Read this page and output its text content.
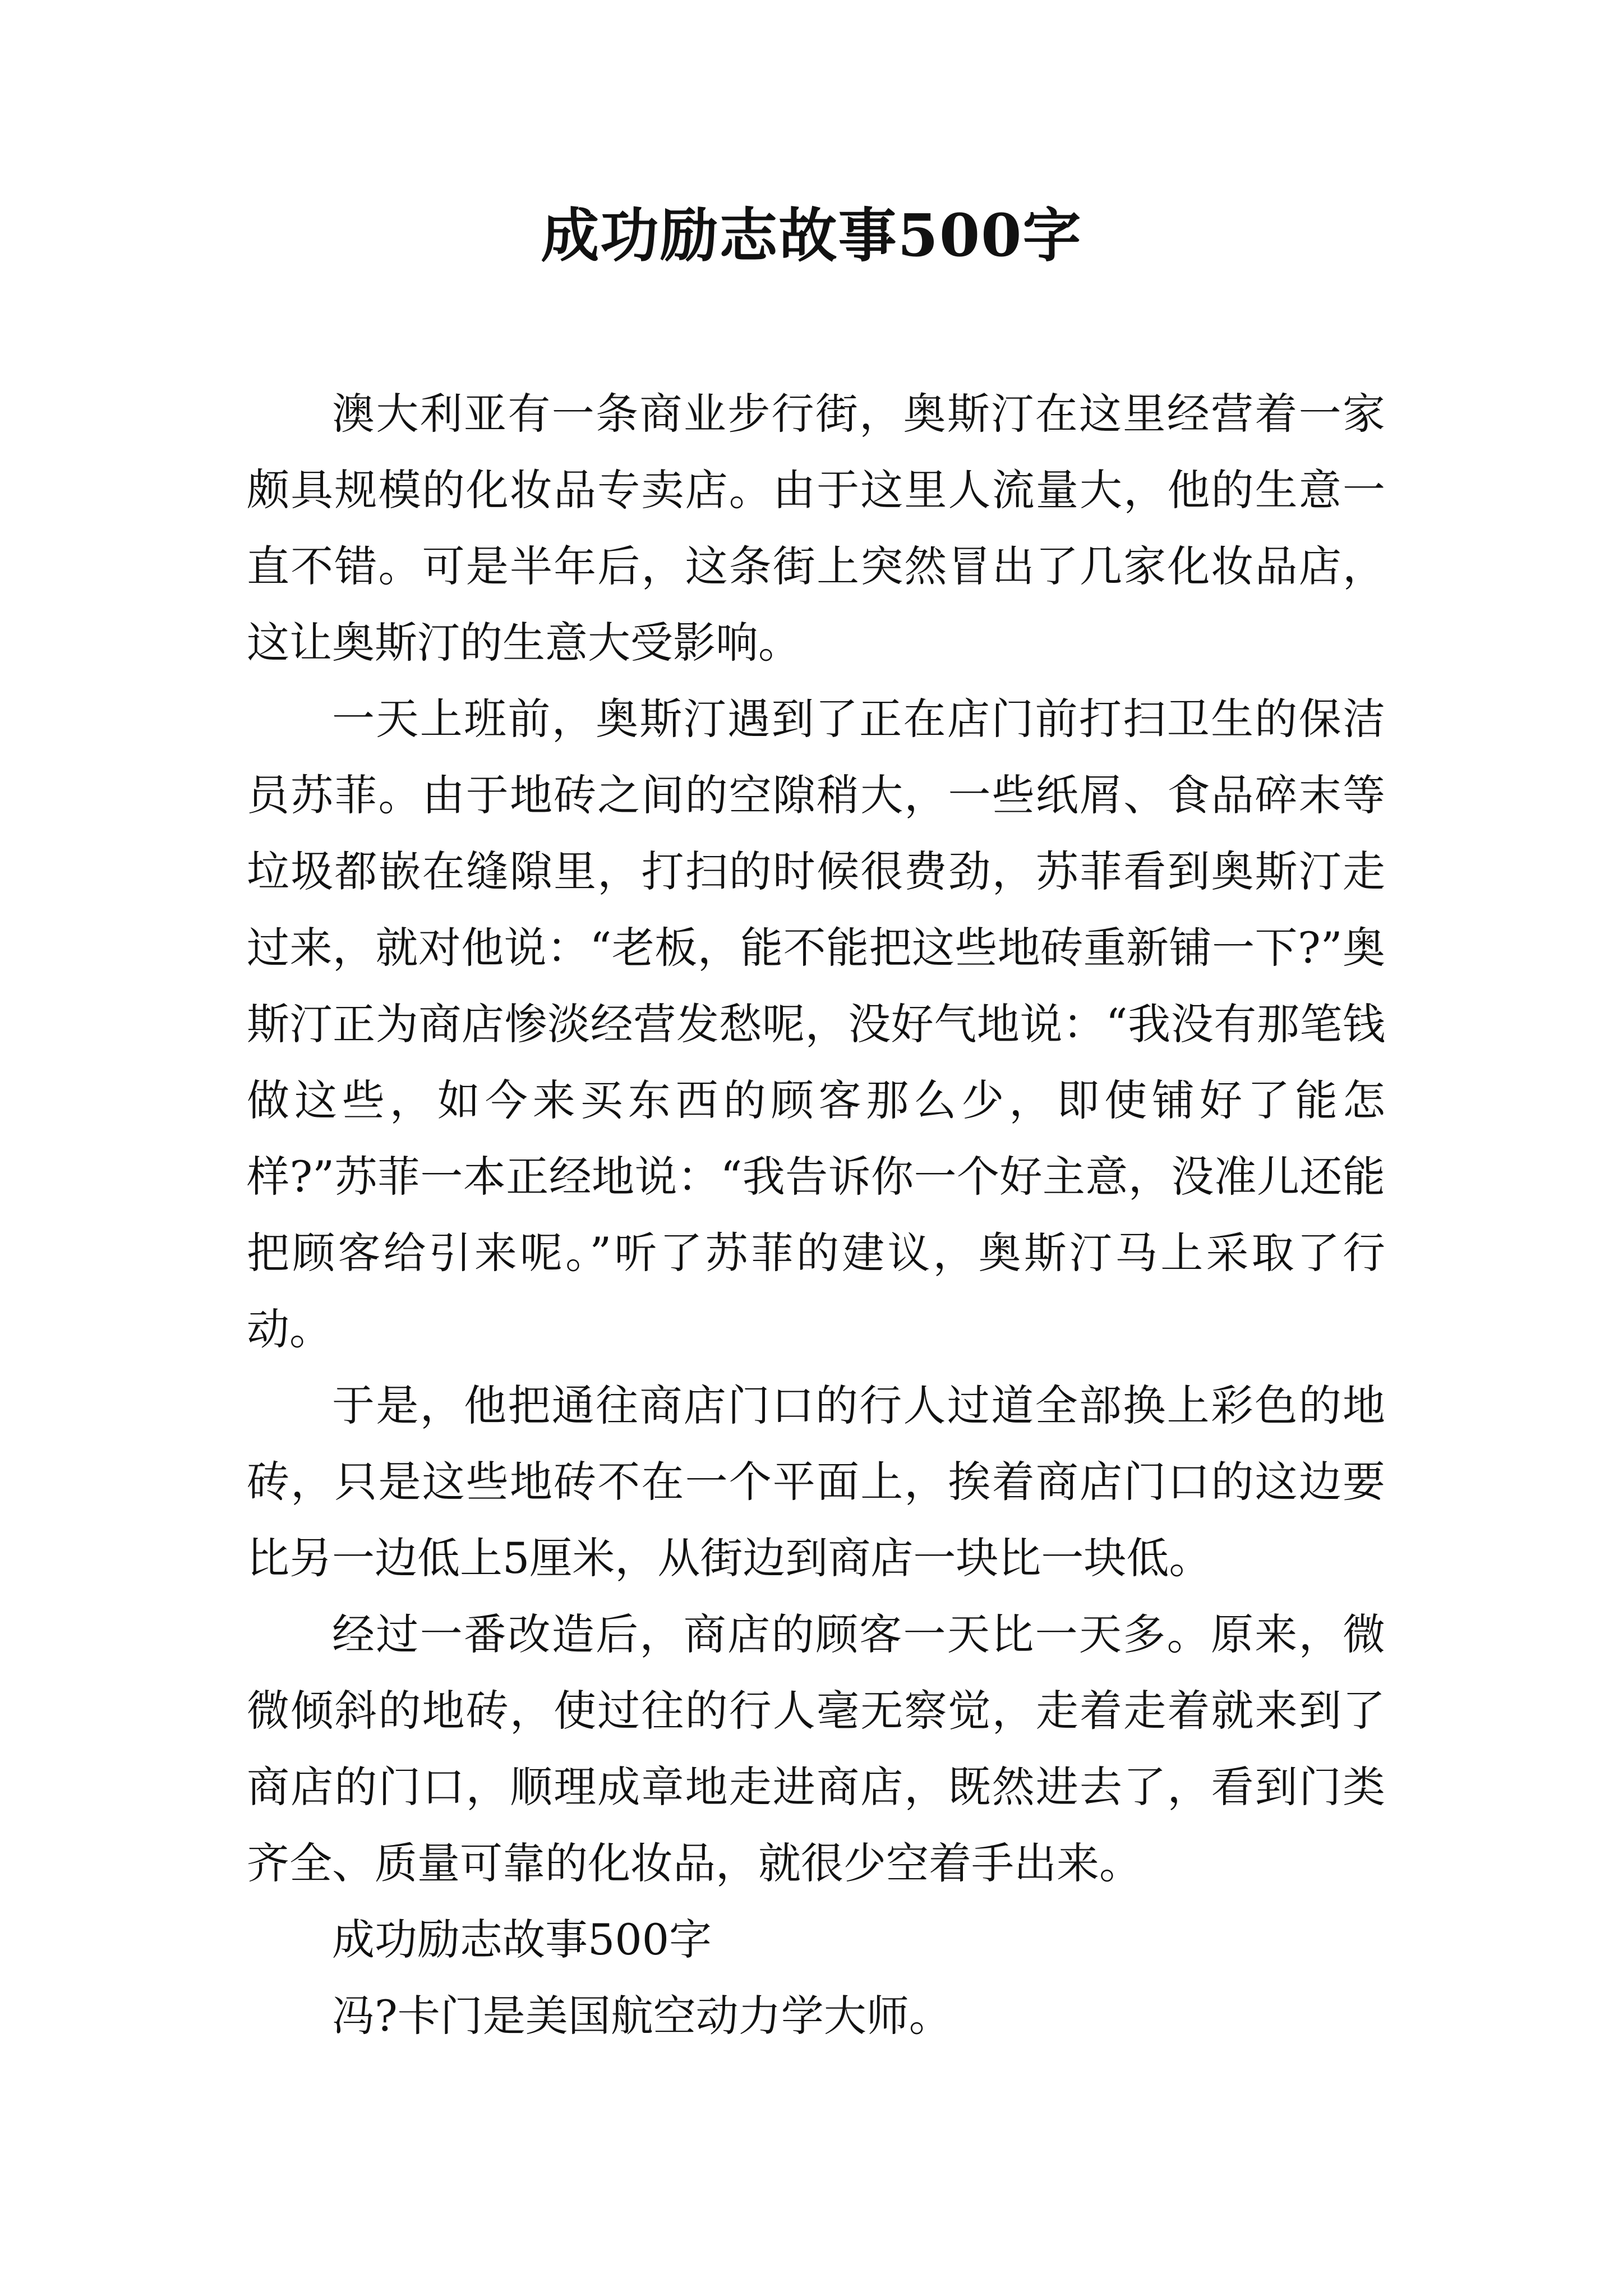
成功励志故事500字

澳大利亚有一条商业步行街，奥斯汀在这里经营着一家颇具规模的化妆品专卖店。由于这里人流量大，他的生意一直不错。可是半年后，这条街上突然冒出了几家化妆品店，这让奥斯汀的生意大受影响。

一天上班前，奥斯汀遇到了正在店门前打扫卫生的保洁员苏菲。由于地砖之间的空隙稍大，一些纸屑、食品碎末等垃圾都嵌在缝隙里，打扫的时候很费劲，苏菲看到奥斯汀走过来，就对他说：“老板，能不能把这些地砖重新铺一下?”奥斯汀正为商店惨淡经营发愁呢，没好气地说：“我没有那笔钱做这些，如今来买东西的顾客那么少，即使铺好了能怎样?”苏菲一本正经地说：“我告诉你一个好主意，没准儿还能把顾客给引来呢。”听了苏菲的建议，奥斯汀马上采取了行动。

于是，他把通往商店门口的行人过道全部换上彩色的地砖，只是这些地砖不在一个平面上，挨着商店门口的这边要比另一边低上5厘米，从街边到商店一块比一块低。

经过一番改造后，商店的顾客一天比一天多。原来，微微倾斜的地砖，使过往的行人毫无察觉，走着走着就来到了商店的门口，顺理成章地走进商店，既然进去了，看到门类齐全、质量可靠的化妆品，就很少空着手出来。

成功励志故事500字

冯?卡门是美国航空动力学大师。
